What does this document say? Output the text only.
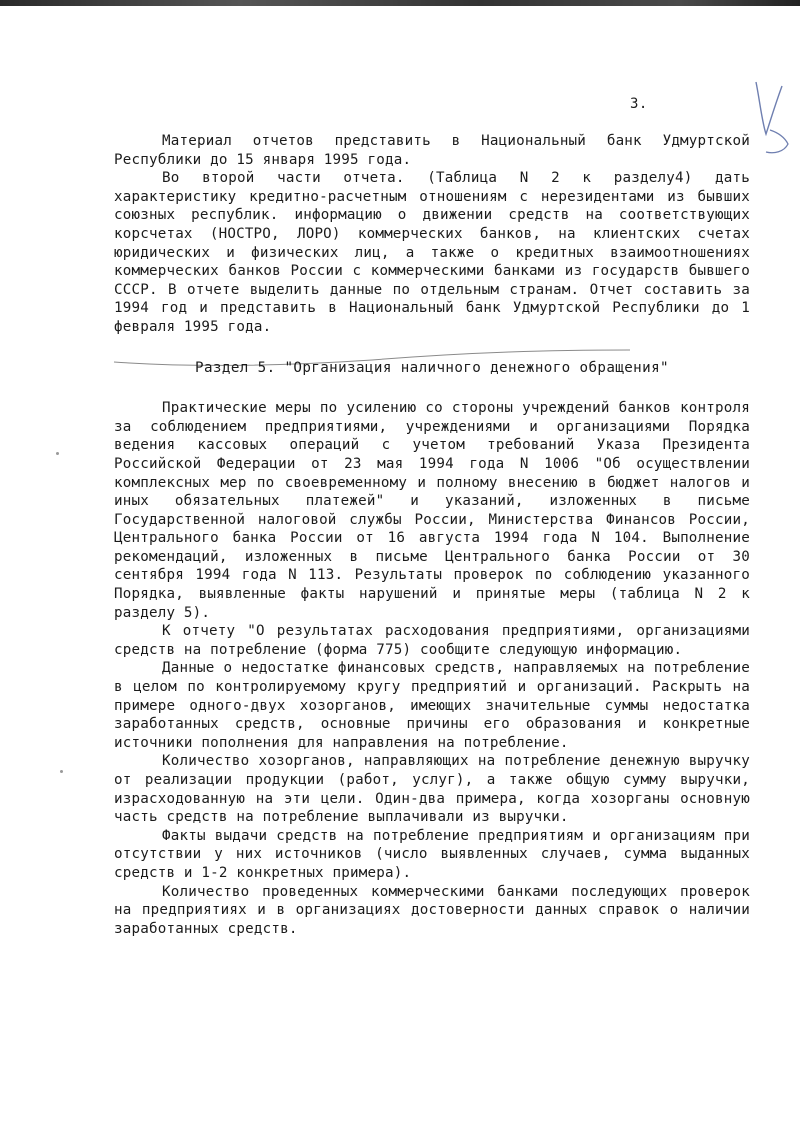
3.

Материал отчетов представить в Национальный банк Удмуртской Республики до 15 января 1995 года.

Во второй части отчета. (Таблица N 2 к разделу4) дать характеристику кредитно-расчетным отношениям с нерезидентами из бывших союзных республик. информацию о движении средств на соответствующих корсчетах (НОСТРО, ЛОРО) коммерческих банков, на клиентских счетах юридических и физических лиц, а также о кредитных взаимоотношениях коммерческих банков России с коммерческими банками из государств бывшего СССР. В отчете выделить данные по отдельным странам. Отчет составить за 1994 год и представить в Национальный банк Удмуртской Республики до 1 февраля 1995 года.

Раздел 5. "Организация наличного денежного обращения"

Практические меры по усилению со стороны учреждений банков контроля за соблюдением предприятиями, учреждениями и организациями Порядка ведения кассовых операций с учетом требований Указа Президента Российской Федерации от 23 мая 1994 года N 1006 "Об осуществлении комплексных мер по своевременному и полному внесению в бюджет налогов и иных обязательных платежей" и указаний, изложенных в письме Государственной налоговой службы России, Министерства Финансов России, Центрального банка России от 16 августа 1994 года N 104. Выполнение рекомендаций, изложенных в письме Центрального банка России от 30 сентября 1994 года N 113. Результаты проверок по соблюдению указанного Порядка, выявленные факты нарушений и принятые меры (таблица N 2 к разделу 5).

К отчету "О результатах расходования предприятиями, организациями средств на потребление (форма 775) сообщите следующую информацию.

Данные о недостатке финансовых средств, направляемых на потребление в целом по контролируемому кругу предприятий и организаций. Раскрыть на примере одного-двух хозорганов, имеющих значительные суммы недостатка заработанных средств, основные причины его образования и конкретные источники пополнения для направления на потребление.

Количество хозорганов, направляющих на потребление денежную выручку от реализации продукции (работ, услуг), а также общую сумму выручки, израсходованную на эти цели. Один-два примера, когда хозорганы основную часть средств на потребление выплачивали из выручки.

Факты выдачи средств на потребление предприятиям и организациям при отсутствии у них источников (число выявленных случаев, сумма выданных средств и 1-2 конкретных примера).

Количество проведенных коммерческими банками последующих проверок на предприятиях и в организациях достоверности данных справок о наличии заработанных средств.
